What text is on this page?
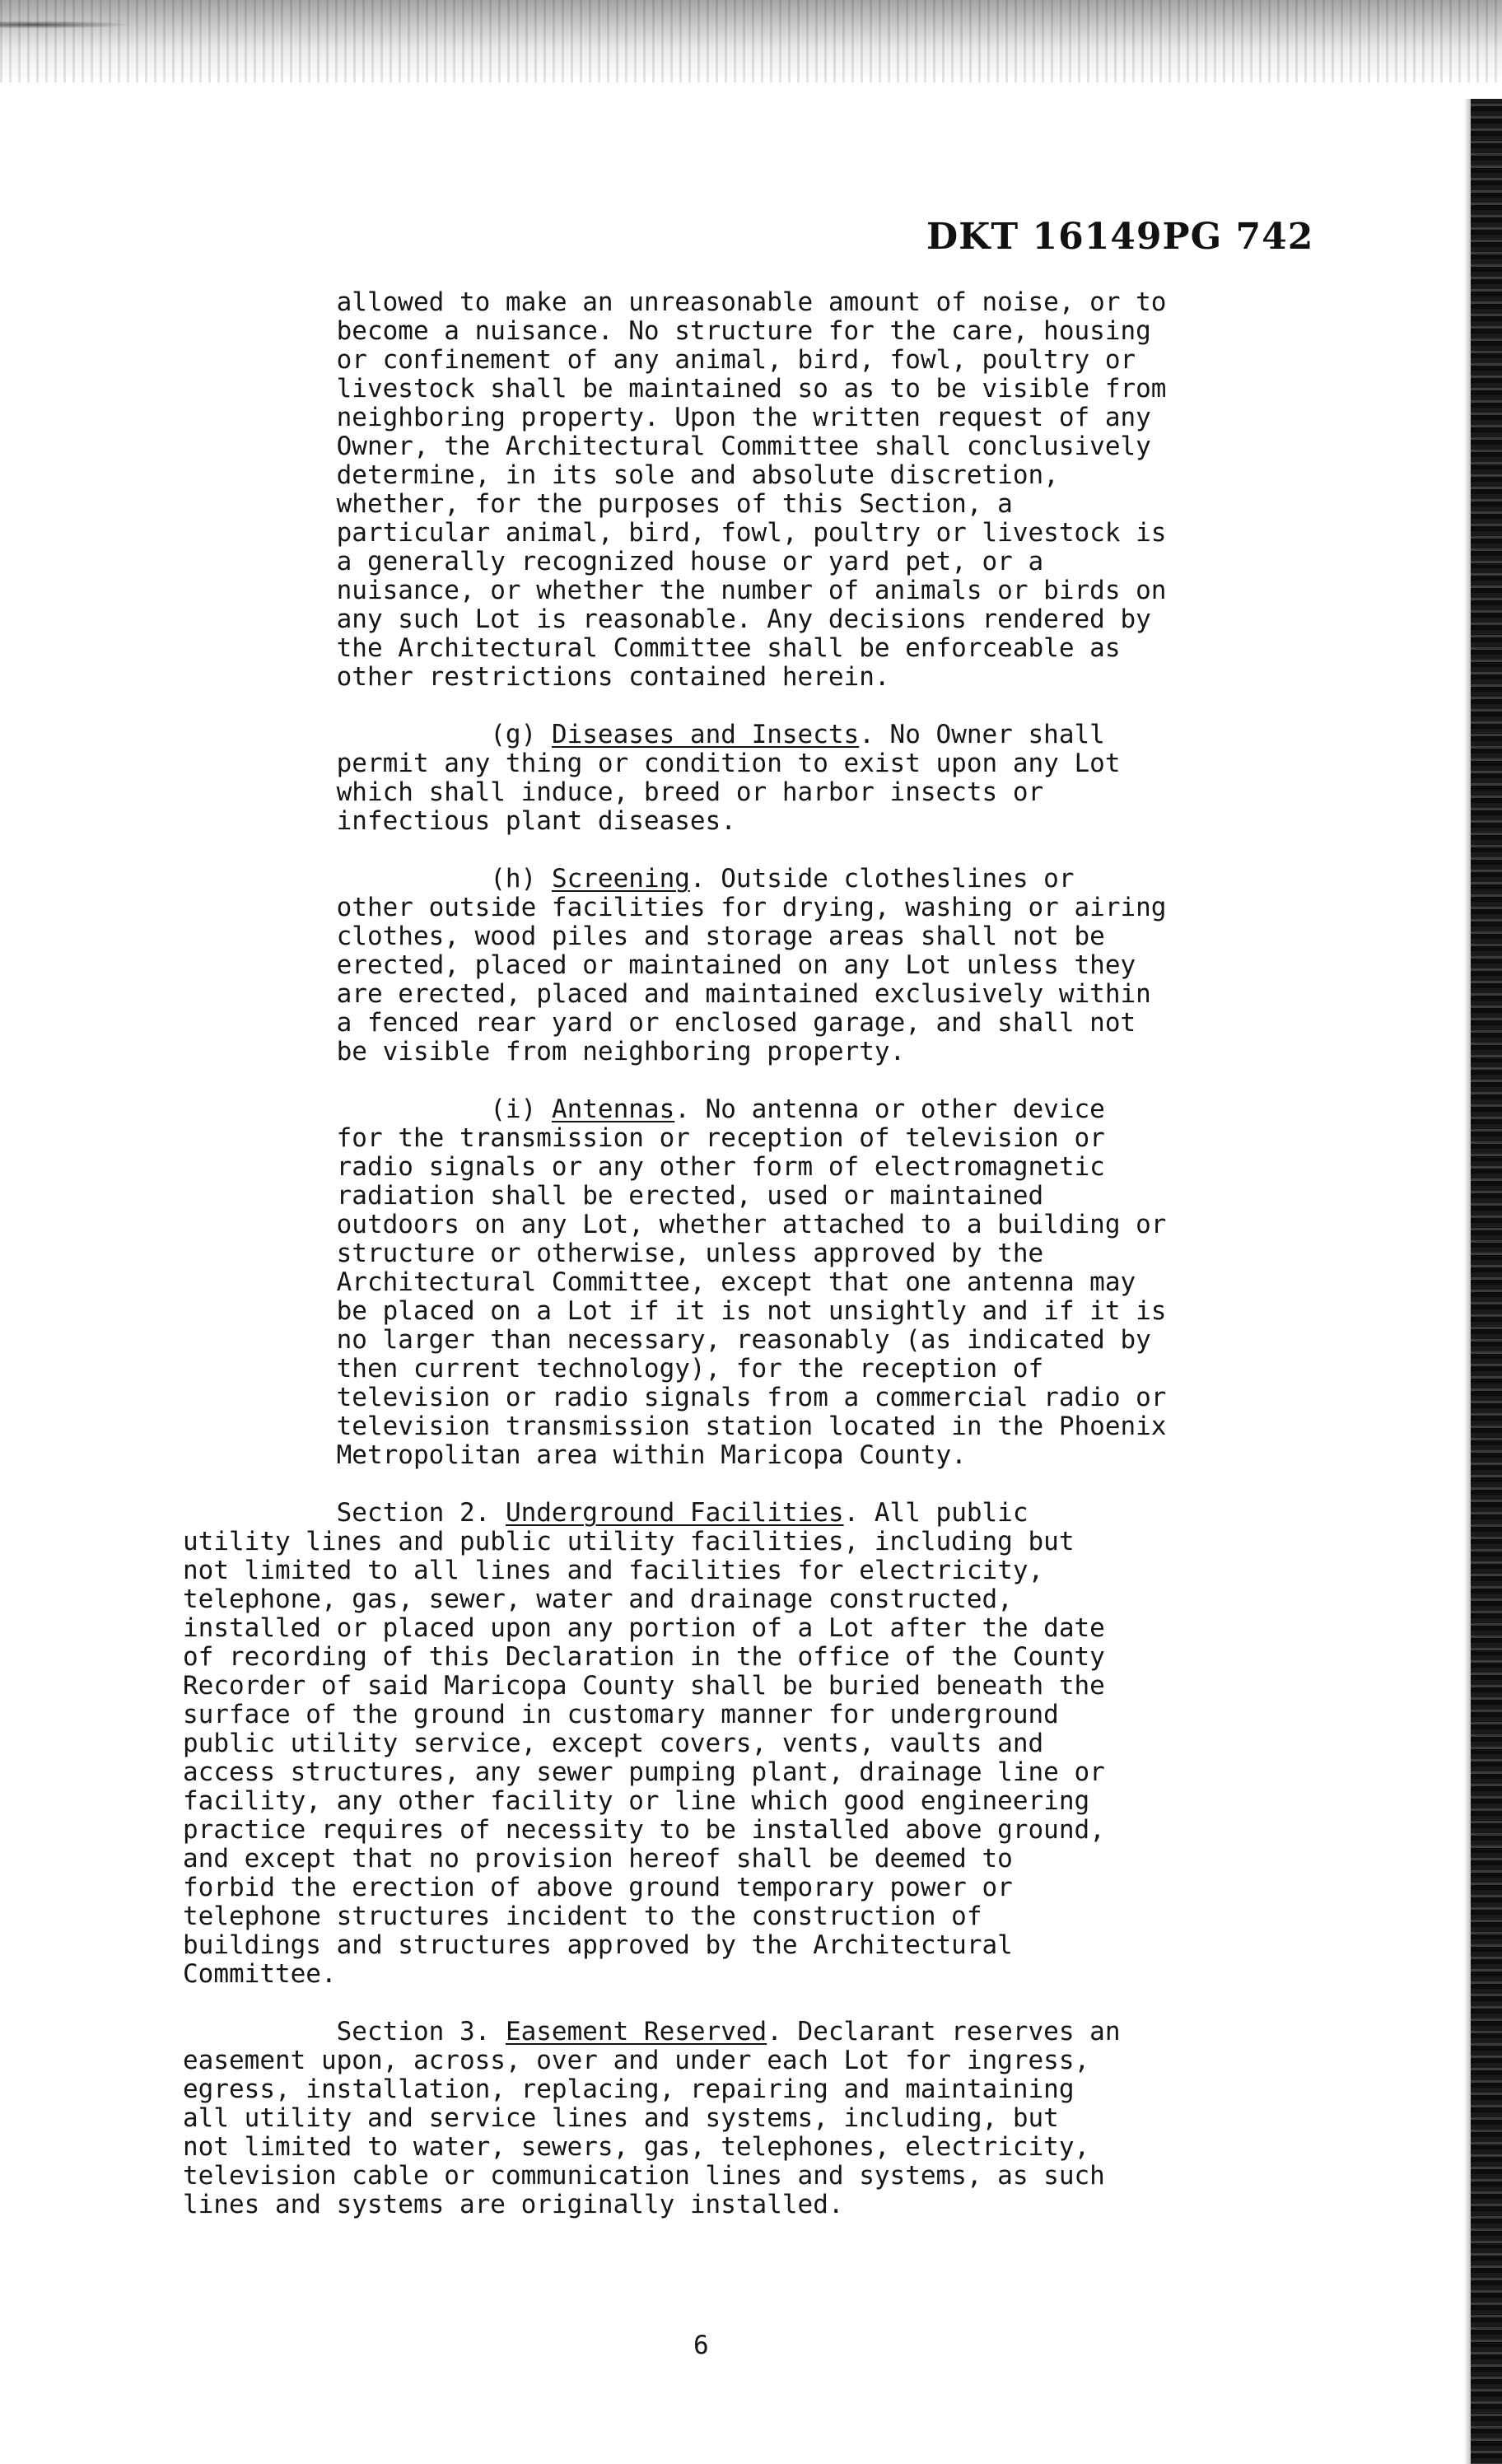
DKT 16149PG 742
allowed to make an unreasonable amount of noise, or to
become a nuisance. No structure for the care, housing
or confinement of any animal, bird, fowl, poultry or
livestock shall be maintained so as to be visible from
neighboring property. Upon the written request of any
Owner, the Architectural Committee shall conclusively
determine, in its sole and absolute discretion,
whether, for the purposes of this Section, a
particular animal, bird, fowl, poultry or livestock is
a generally recognized house or yard pet, or a
nuisance, or whether the number of animals or birds on
any such Lot is reasonable. Any decisions rendered by
the Architectural Committee shall be enforceable as
other restrictions contained herein.
(g) Diseases and Insects. No Owner shall
permit any thing or condition to exist upon any Lot
which shall induce, breed or harbor insects or
infectious plant diseases.
(h) Screening. Outside clotheslines or
other outside facilities for drying, washing or airing
clothes, wood piles and storage areas shall not be
erected, placed or maintained on any Lot unless they
are erected, placed and maintained exclusively within
a fenced rear yard or enclosed garage, and shall not
be visible from neighboring property.
(i) Antennas. No antenna or other device
for the transmission or reception of television or
radio signals or any other form of electromagnetic
radiation shall be erected, used or maintained
outdoors on any Lot, whether attached to a building or
structure or otherwise, unless approved by the
Architectural Committee, except that one antenna may
be placed on a Lot if it is not unsightly and if it is
no larger than necessary, reasonably (as indicated by
then current technology), for the reception of
television or radio signals from a commercial radio or
television transmission station located in the Phoenix
Metropolitan area within Maricopa County.
Section 2. Underground Facilities. All public
utility lines and public utility facilities, including but
not limited to all lines and facilities for electricity,
telephone, gas, sewer, water and drainage constructed,
installed or placed upon any portion of a Lot after the date
of recording of this Declaration in the office of the County
Recorder of said Maricopa County shall be buried beneath the
surface of the ground in customary manner for underground
public utility service, except covers, vents, vaults and
access structures, any sewer pumping plant, drainage line or
facility, any other facility or line which good engineering
practice requires of necessity to be installed above ground,
and except that no provision hereof shall be deemed to
forbid the erection of above ground temporary power or
telephone structures incident to the construction of
buildings and structures approved by the Architectural
Committee.
Section 3. Easement Reserved. Declarant reserves an
easement upon, across, over and under each Lot for ingress,
egress, installation, replacing, repairing and maintaining
all utility and service lines and systems, including, but
not limited to water, sewers, gas, telephones, electricity,
television cable or communication lines and systems, as such
lines and systems are originally installed.
6
